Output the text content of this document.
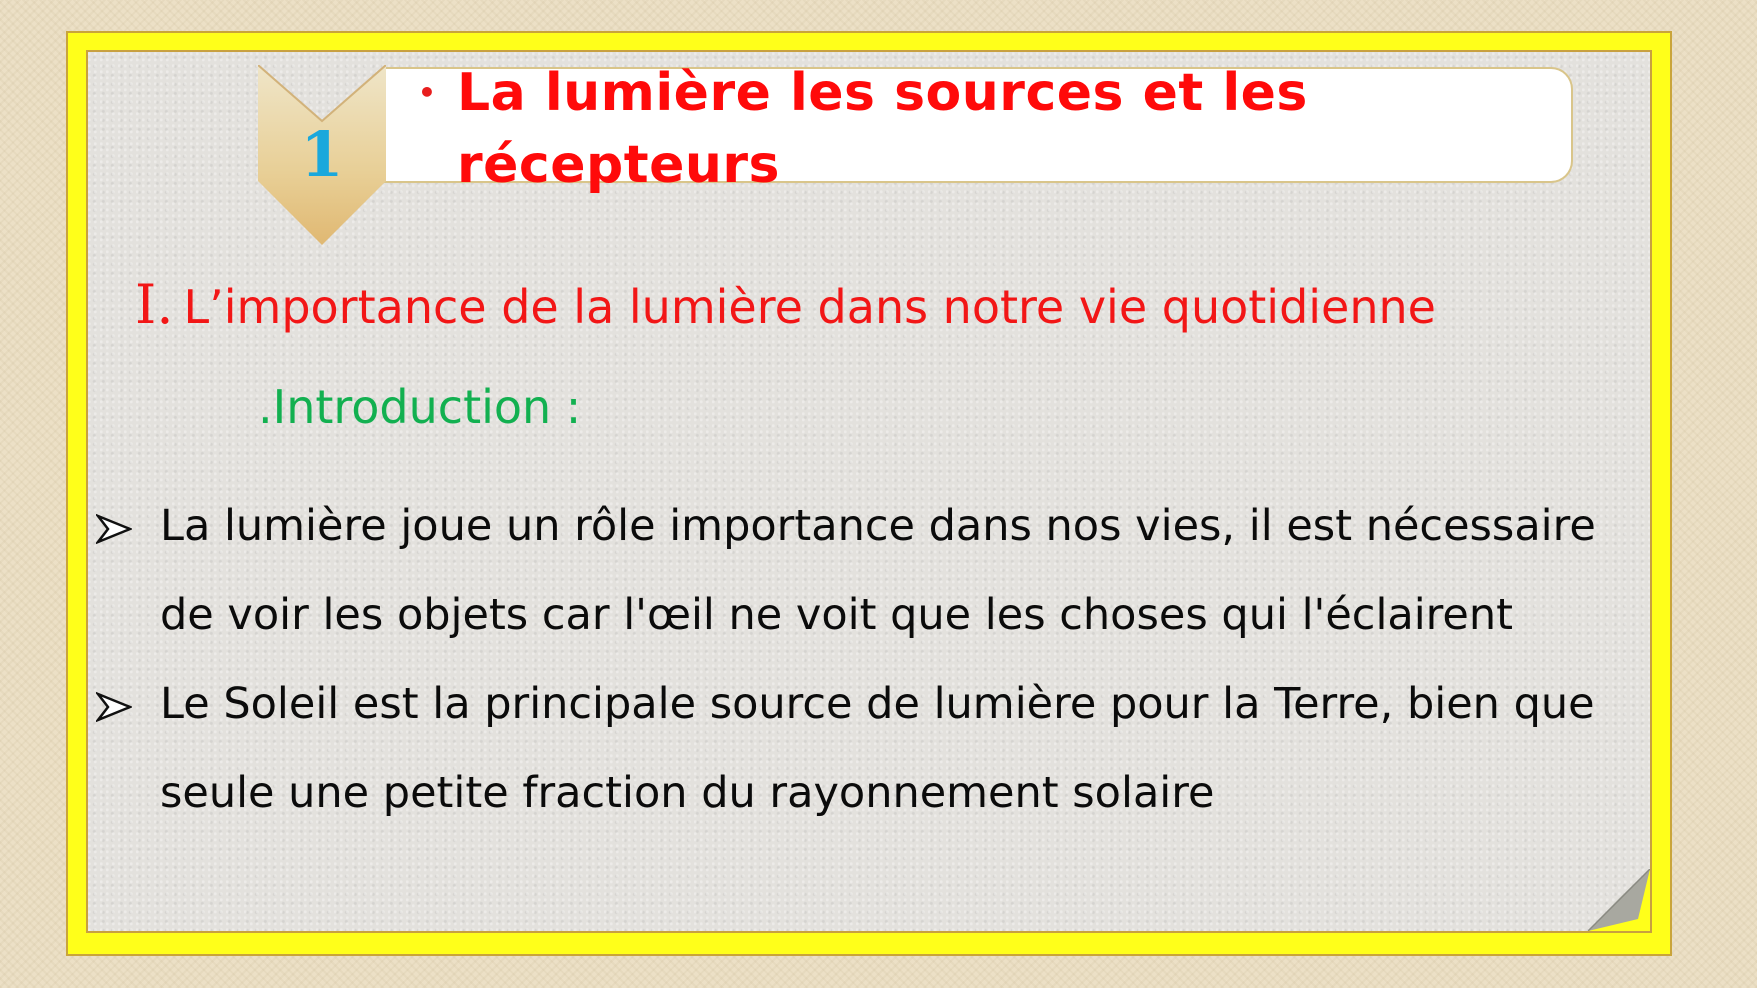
1
• La lumière les sources et les récepteurs
I. L’importance de la lumière dans notre vie quotidienne
.Introduction :
La lumière joue un rôle importance dans nos vies, il est nécessaire de voir les objets car l'œil ne voit que les choses qui l'éclairent
Le Soleil est la principale source de lumière pour la Terre, bien que seule une petite fraction du rayonnement solaire
